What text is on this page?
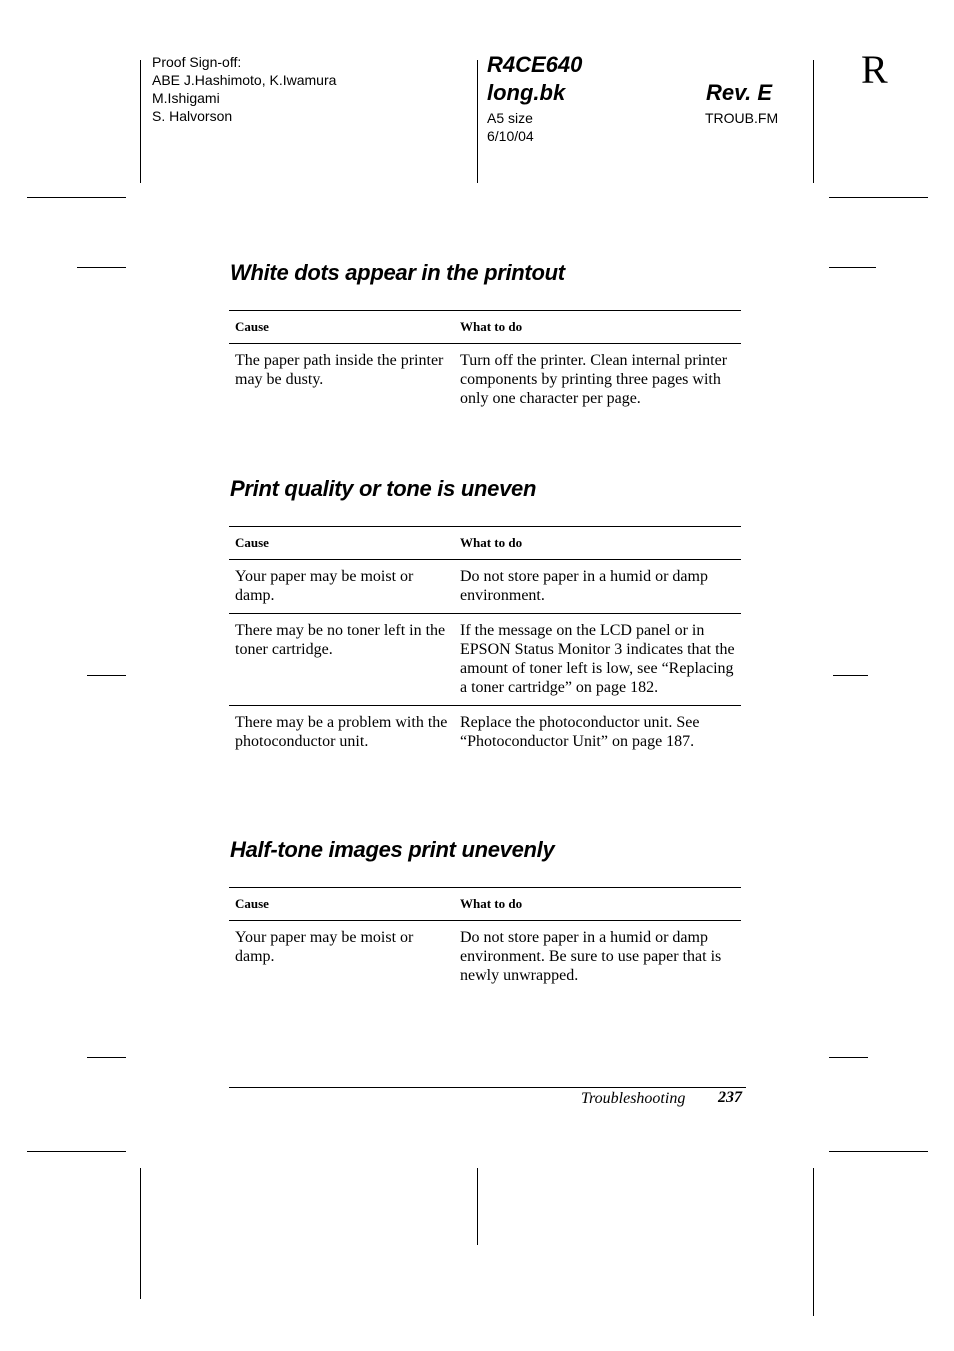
Proof Sign-off:
ABE J.Hashimoto, K.Iwamura
M.Ishigami
S. Halvorson
R4CE640
long.bk	Rev. E
A5 size
6/10/04
TROUB.FM
R
White dots appear in the printout
Cause	What to do
The paper path inside the printer may be dusty.	Turn off the printer. Clean internal printer components by printing three pages with only one character per page.
Print quality or tone is uneven
Cause	What to do
Your paper may be moist or damp.	Do not store paper in a humid or damp environment.
There may be no toner left in the toner cartridge.	If the message on the LCD panel or in EPSON Status Monitor 3 indicates that the amount of toner left is low, see “Replacing a toner cartridge” on page 182.
There may be a problem with the photoconductor unit.	Replace the photoconductor unit. See “Photoconductor Unit” on page 187.
Half-tone images print unevenly
Cause	What to do
Your paper may be moist or damp.	Do not store paper in a humid or damp environment. Be sure to use paper that is newly unwrapped.
Troubleshooting 237
